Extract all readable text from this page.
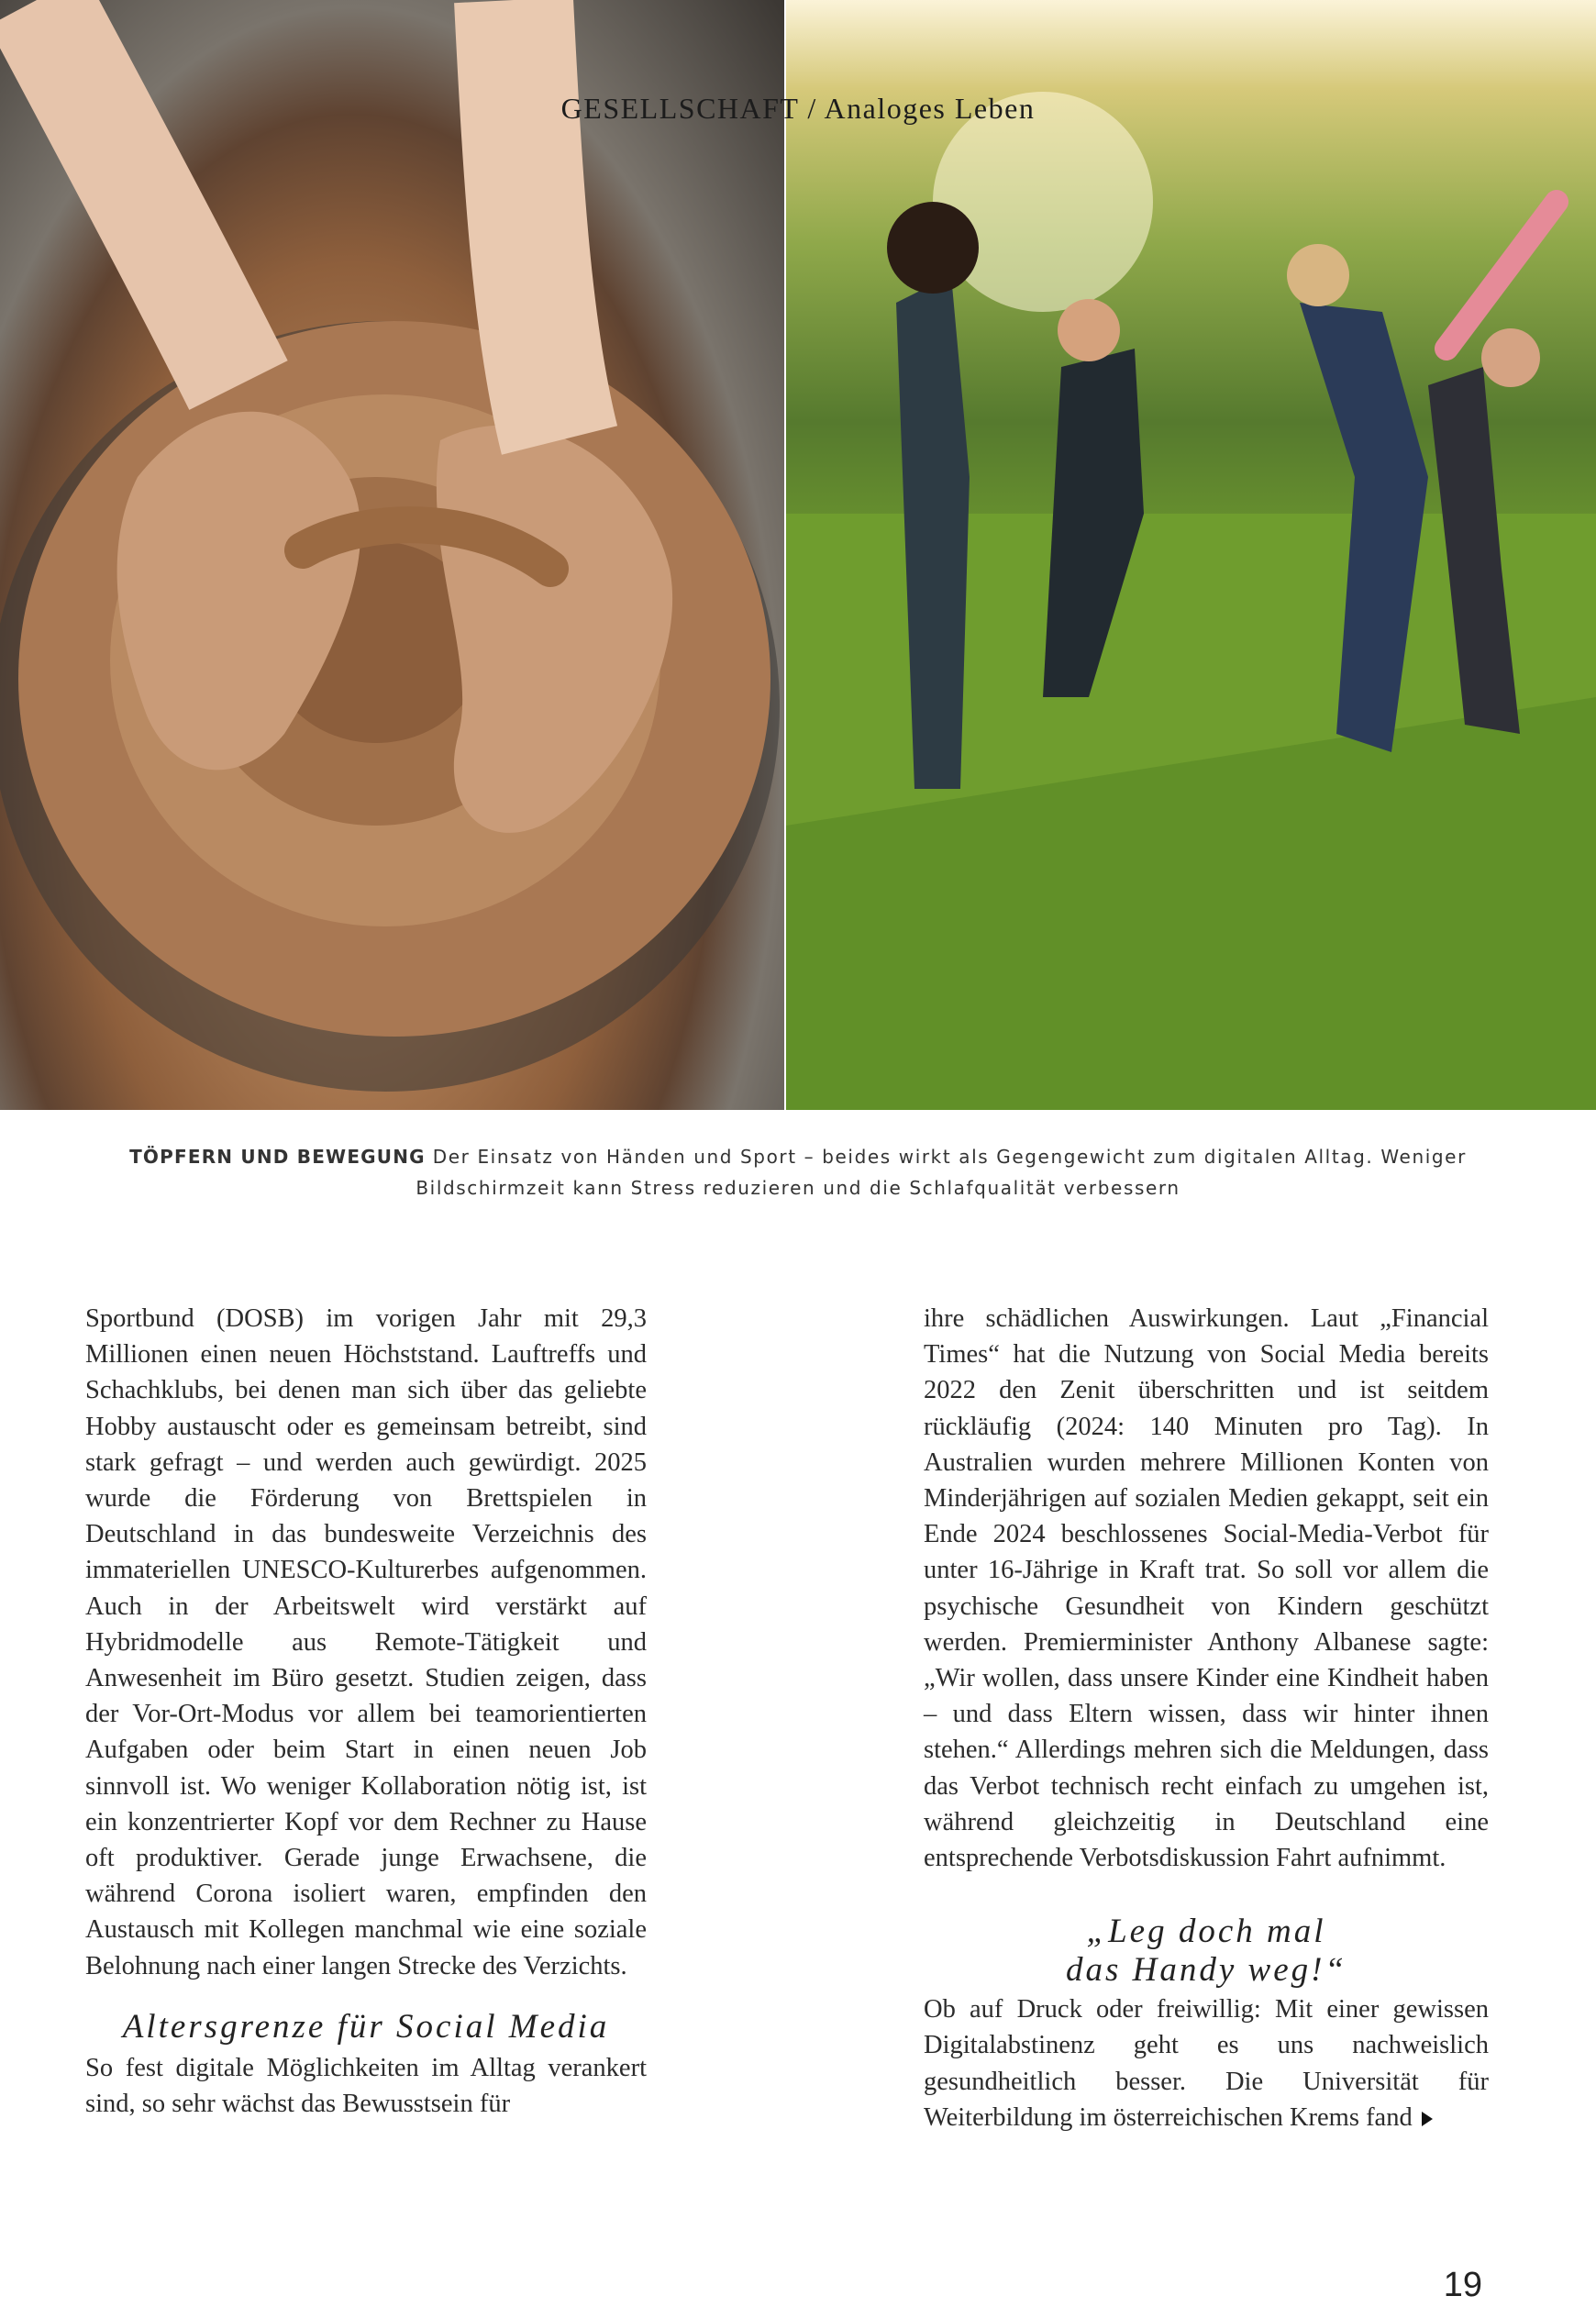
GESELLSCHAFT / Analoges Leben
TÖPFERN UND BEWEGUNG Der Einsatz von Händen und Sport – beides wirkt als Gegengewicht zum digitalen Alltag. Weniger Bildschirmzeit kann Stress reduzieren und die Schlafqualität verbessern

Sportbund (DOSB) im vorigen Jahr mit 29,3 Millionen einen neuen Höchststand. Lauftreffs und Schachklubs, bei denen man sich über das geliebte Hobby austauscht oder es gemeinsam betreibt, sind stark gefragt – und werden auch gewürdigt. 2025 wurde die Förderung von Brettspielen in Deutschland in das bundesweite Verzeichnis des immateriellen UNESCO-Kulturerbes aufgenommen. Auch in der Arbeitswelt wird verstärkt auf Hybridmodelle aus Remote-Tätigkeit und Anwesenheit im Büro gesetzt. Studien zeigen, dass der Vor-Ort-Modus vor allem bei teamorientierten Aufgaben oder beim Start in einen neuen Job sinnvoll ist. Wo weniger Kollaboration nötig ist, ist ein konzentrierter Kopf vor dem Rechner zu Hause oft produktiver. Gerade junge Erwachsene, die während Corona isoliert waren, empfinden den Austausch mit Kollegen manchmal wie eine soziale Belohnung nach einer langen Strecke des Verzichts.

Altersgrenze für Social Media

So fest digitale Möglichkeiten im Alltag verankert sind, so sehr wächst das Bewusstsein für

ihre schädlichen Auswirkungen. Laut „Financial Times“ hat die Nutzung von Social Media bereits 2022 den Zenit überschritten und ist seitdem rückläufig (2024: 140 Minuten pro Tag). In Australien wurden mehrere Millionen Konten von Minderjährigen auf sozialen Medien gekappt, seit ein Ende 2024 beschlossenes Social-Media-Verbot für unter 16-Jährige in Kraft trat. So soll vor allem die psychische Gesundheit von Kindern geschützt werden. Premierminister Anthony Albanese sagte: „Wir wollen, dass unsere Kinder eine Kindheit haben – und dass Eltern wissen, dass wir hinter ihnen stehen.“ Allerdings mehren sich die Meldungen, dass das Verbot technisch recht einfach zu umgehen ist, während gleichzeitig in Deutschland eine entsprechende Verbotsdiskussion Fahrt aufnimmt.

„Leg doch mal
das Handy weg!“

Ob auf Druck oder freiwillig: Mit einer gewissen Digitalabstinenz geht es uns nachweislich gesundheitlich besser. Die Universität für Weiterbildung im österreichischen Krems fand

19
